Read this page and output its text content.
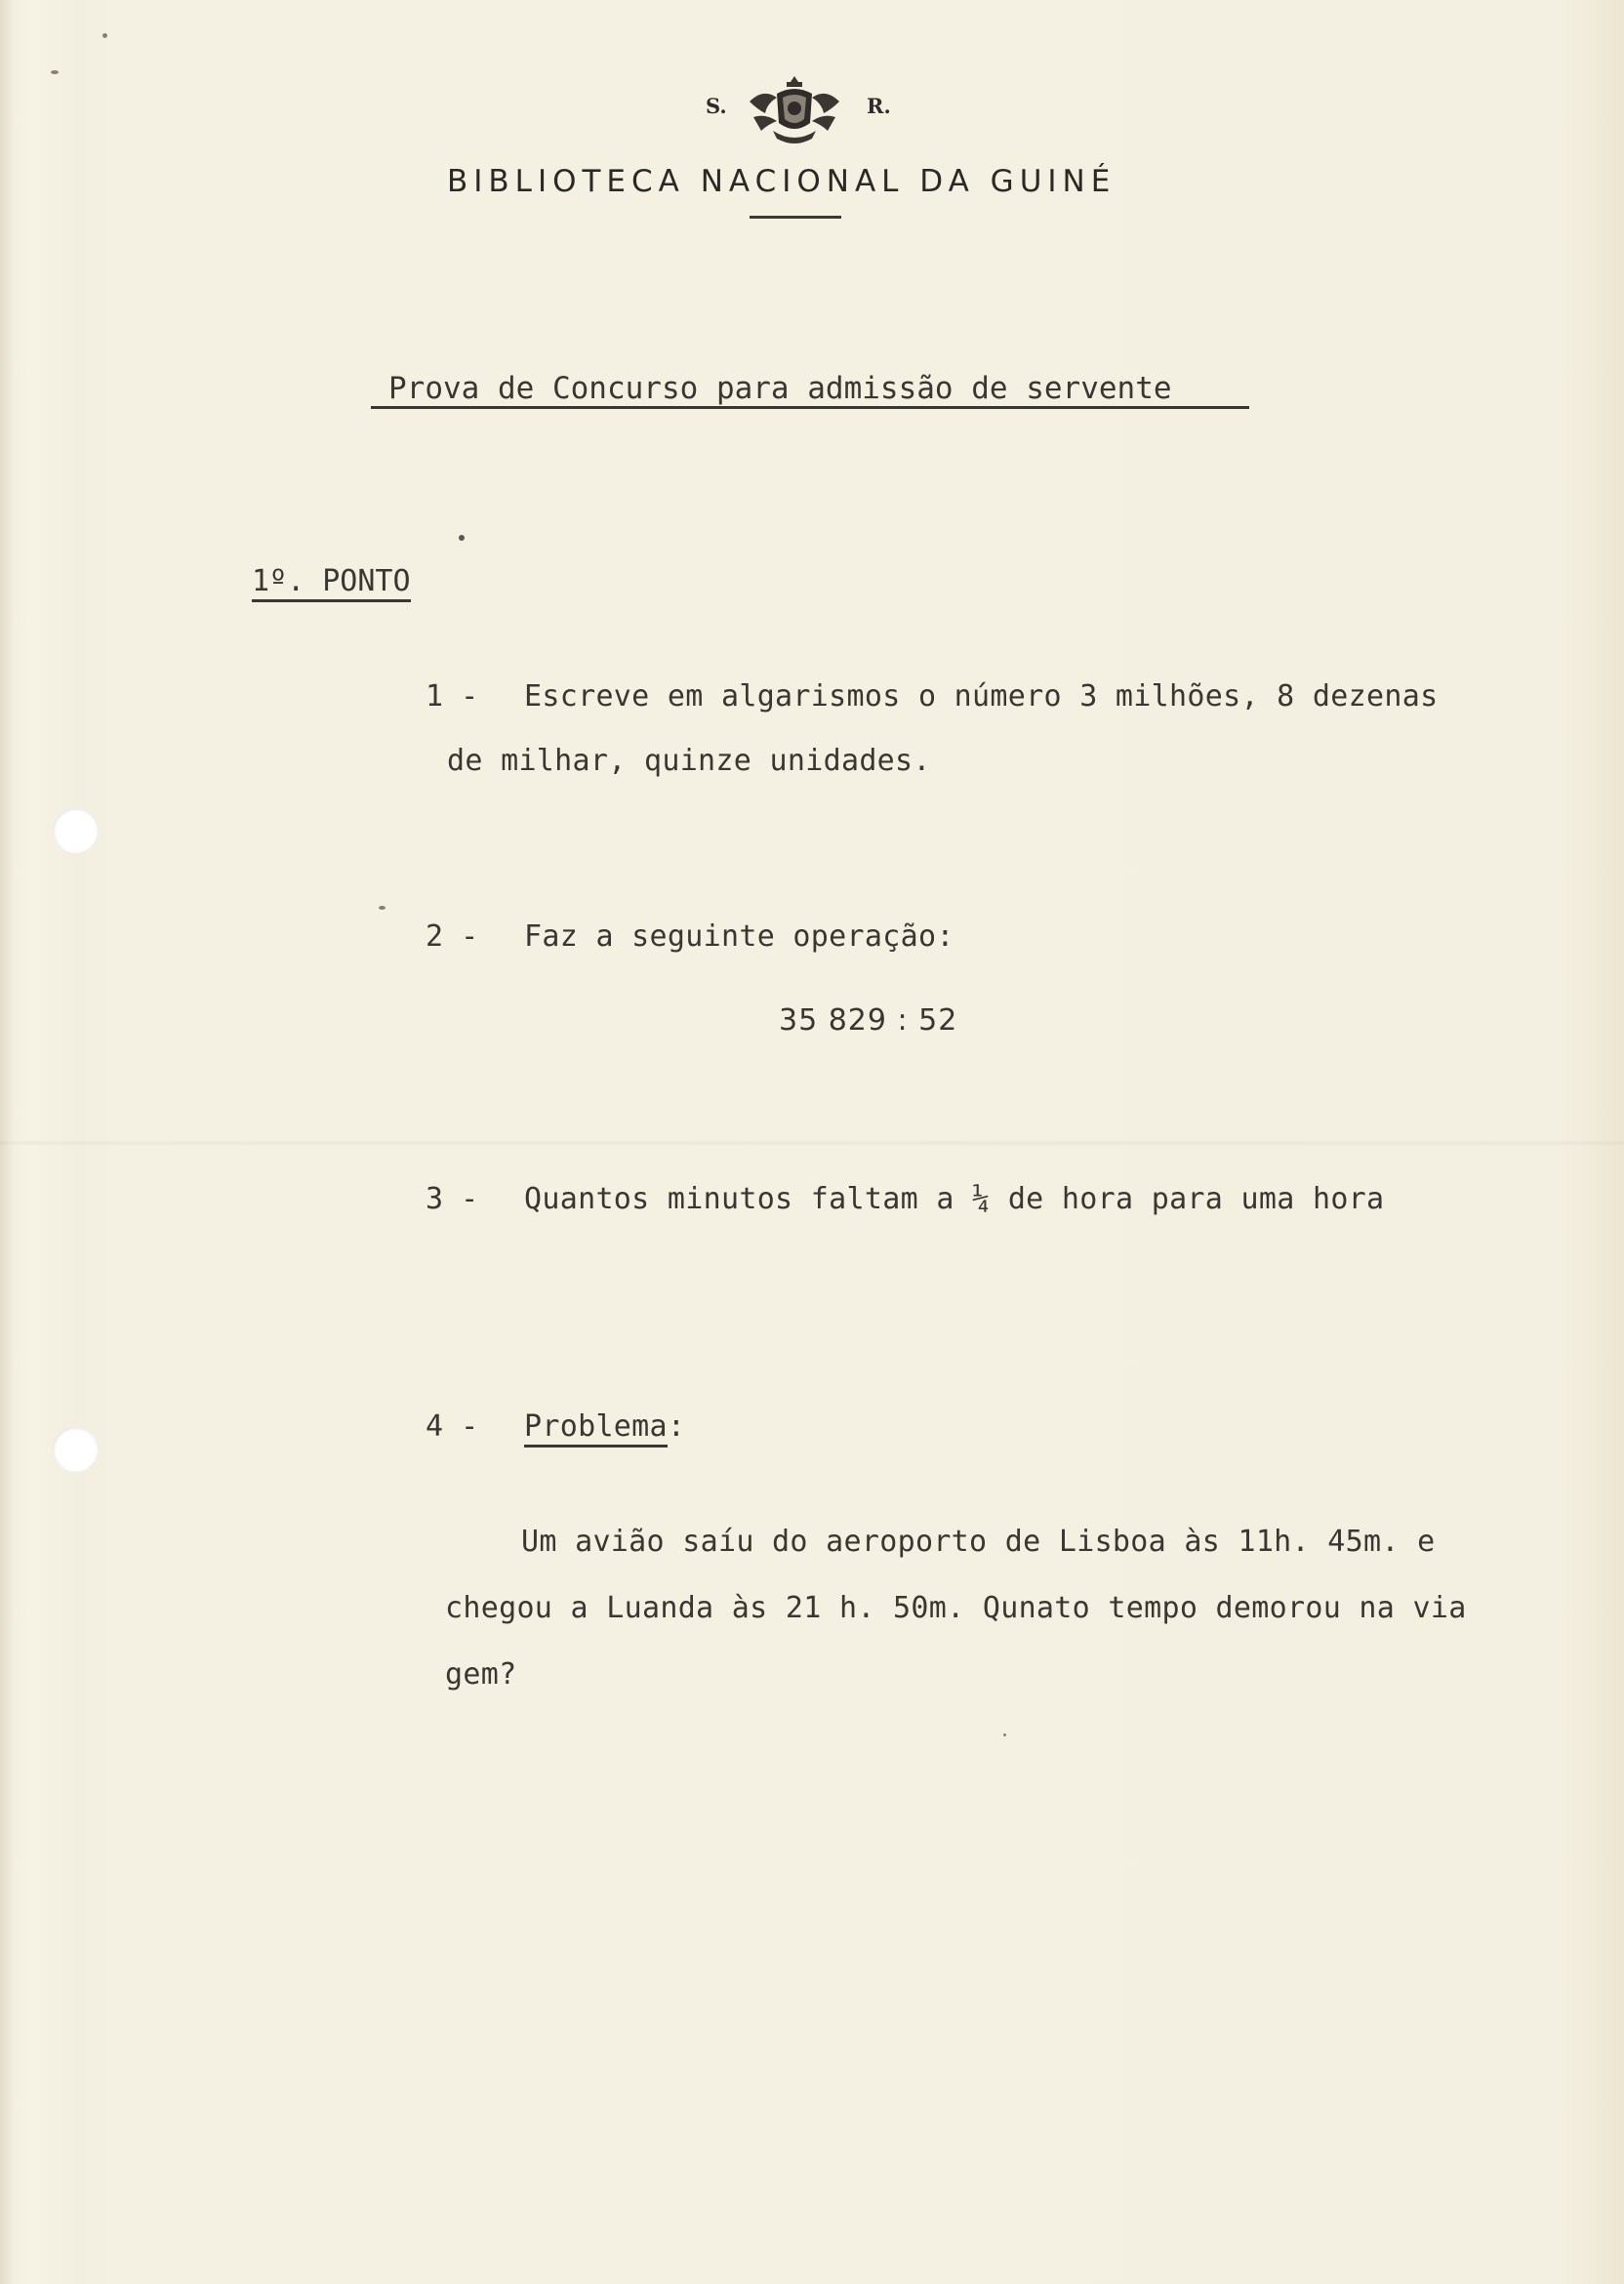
S.	R.
BIBLIOTECA NACIONAL DA GUINÉ
Prova de Concurso para admissão de servente
1º. PONTO
1 - Escreve em algarismos o número 3 milhões, 8 dezenas
de milhar, quinze unidades.
2 - Faz a seguinte operação:
35 829 : 52
3 - Quantos minutos faltam a ¼ de hora para uma hora
4 - Problema:
Um avião saíu do aeroporto de Lisboa às 11h. 45m. e
chegou a Luanda às 21 h. 50m. Qunato tempo demorou na via
gem?
